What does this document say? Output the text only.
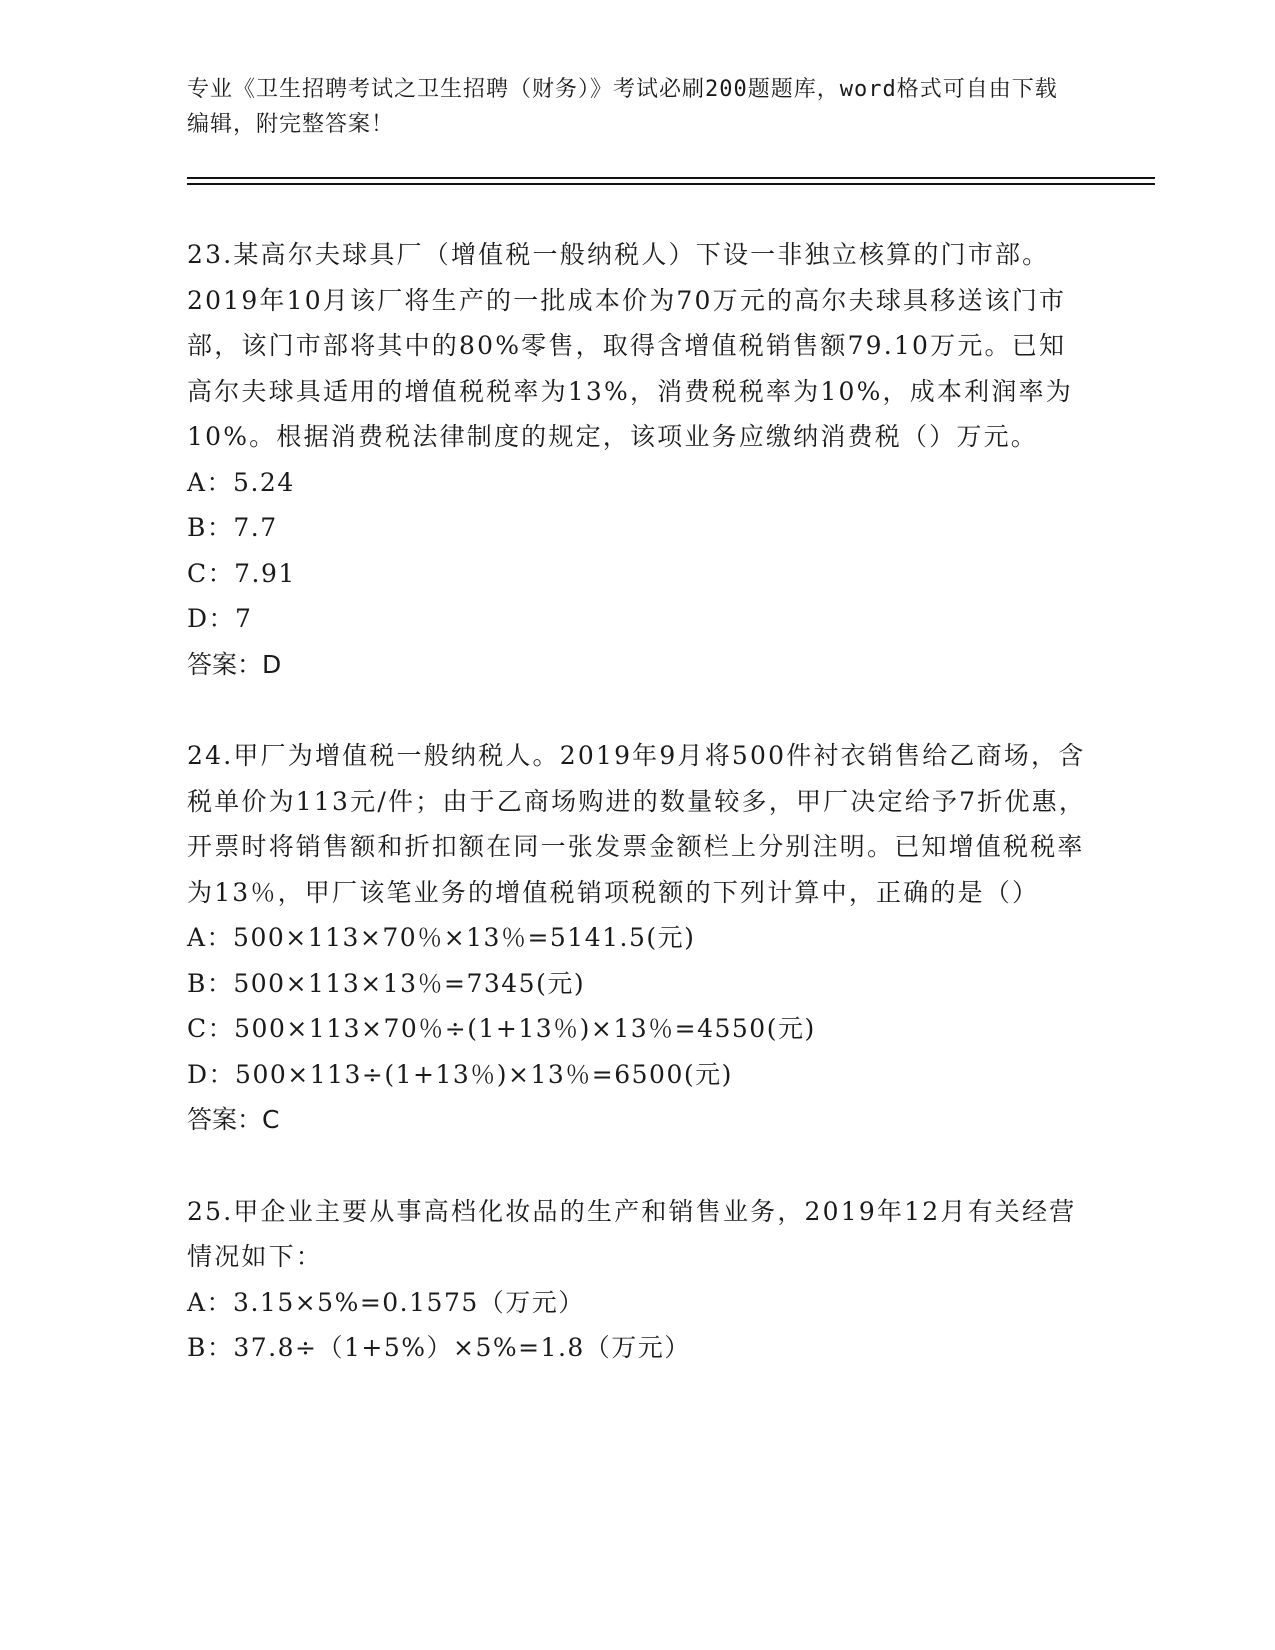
专业《卫生招聘考试之卫生招聘（财务）》考试必刷200题题库，word格式可自由下载编辑，附完整答案！

23.某高尔夫球具厂（增值税一般纳税人）下设一非独立核算的门市部。2019年10月该厂将生产的一批成本价为70万元的高尔夫球具移送该门市部，该门市部将其中的80%零售，取得含增值税销售额79.10万元。已知高尔夫球具适用的增值税税率为13%，消费税税率为10%，成本利润率为10%。根据消费税法律制度的规定，该项业务应缴纳消费税（）万元。

A：5.24

B：7.7

C：7.91

D：7

答案：D

24.甲厂为增值税一般纳税人。2019年9月将500件衬衣销售给乙商场，含税单价为113元/件；由于乙商场购进的数量较多，甲厂决定给予7折优惠，开票时将销售额和折扣额在同一张发票金额栏上分别注明。已知增值税税率为13％，甲厂该笔业务的增值税销项税额的下列计算中，正确的是（）

A：500×113×70％×13％=5141.5(元)

B：500×113×13％=7345(元)

C：500×113×70％÷(1+13％)×13％=4550(元)

D：500×113÷(1+13％)×13％=6500(元)

答案：C

25.甲企业主要从事高档化妆品的生产和销售业务，2019年12月有关经营情况如下：

A：3.15×5%=0.1575（万元）

B：37.8÷（1+5%）×5%=1.8（万元）
